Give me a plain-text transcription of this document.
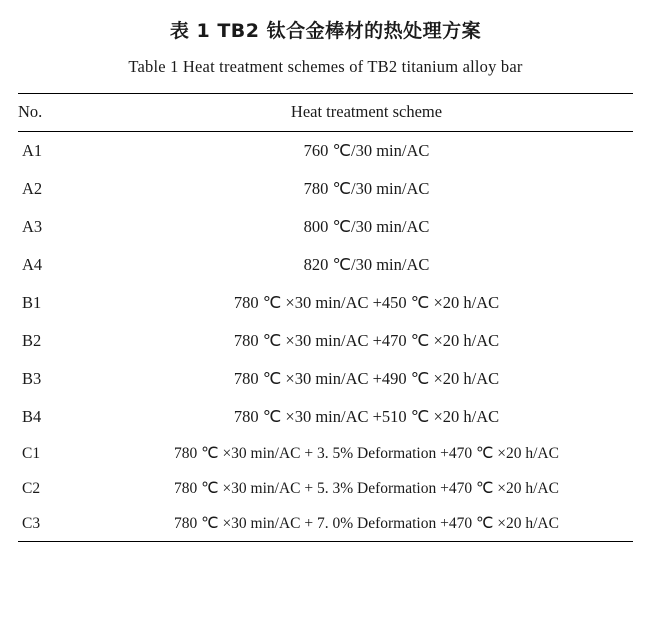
表 1 TB2 钛合金棒材的热处理方案
Table 1 Heat treatment schemes of TB2 titanium alloy bar
No.	Heat treatment scheme
A1	760 ℃/30 min/AC
A2	780 ℃/30 min/AC
A3	800 ℃/30 min/AC
A4	820 ℃/30 min/AC
B1	780 ℃ ×30 min/AC +450 ℃ ×20 h/AC
B2	780 ℃ ×30 min/AC +470 ℃ ×20 h/AC
B3	780 ℃ ×30 min/AC +490 ℃ ×20 h/AC
B4	780 ℃ ×30 min/AC +510 ℃ ×20 h/AC
C1	780 ℃ ×30 min/AC + 3. 5% Deformation +470 ℃ ×20 h/AC
C2	780 ℃ ×30 min/AC + 5. 3% Deformation +470 ℃ ×20 h/AC
C3	780 ℃ ×30 min/AC + 7. 0% Deformation +470 ℃ ×20 h/AC
